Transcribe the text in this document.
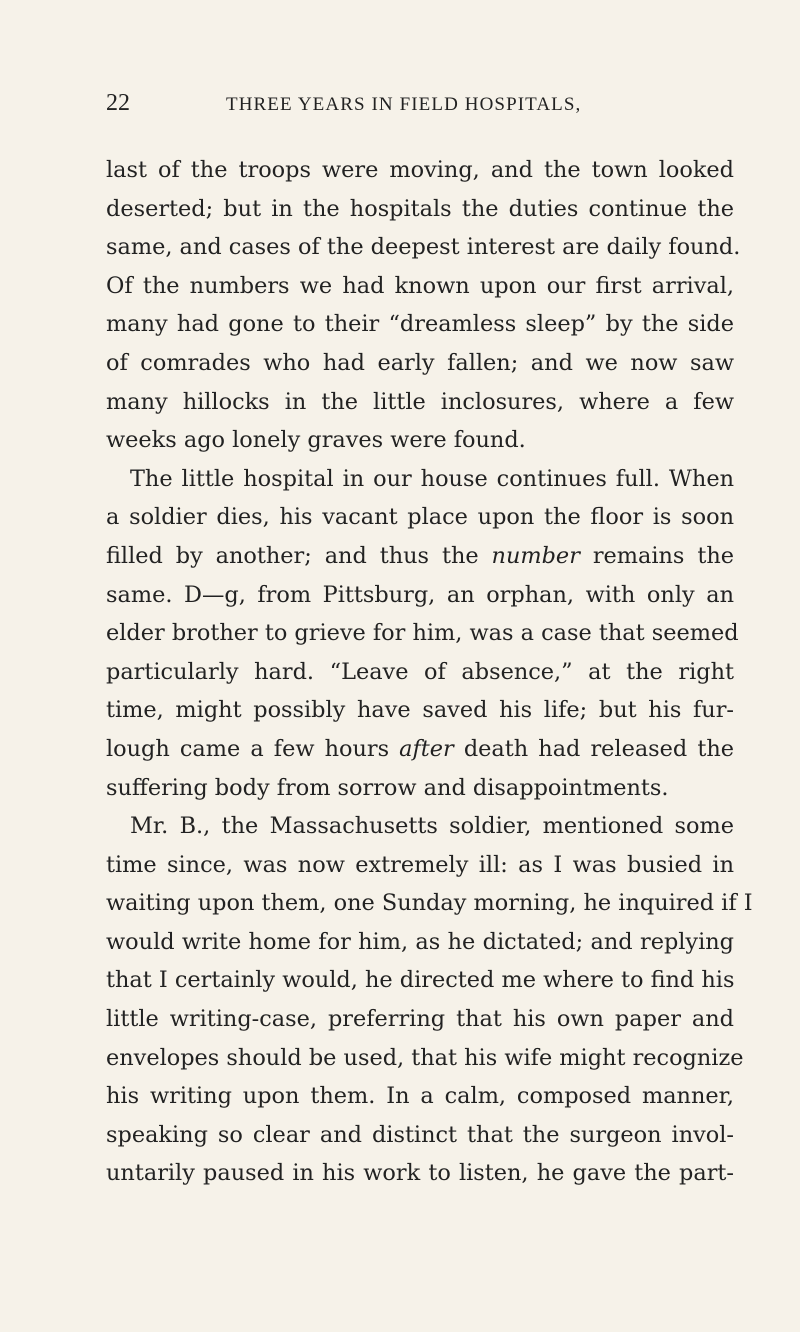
22	THREE YEARS IN FIELD HOSPITALS,
last of the troops were moving, and the town looked
deserted; but in the hospitals the duties continue the
same, and cases of the deepest interest are daily found.
Of the numbers we had known upon our first arrival,
many had gone to their “dreamless sleep” by the side
of comrades who had early fallen; and we now saw
many hillocks in the little inclosures, where a few
weeks ago lonely graves were found.
The little hospital in our house continues full. When
a soldier dies, his vacant place upon the floor is soon
filled by another; and thus the number remains the
same. D—g, from Pittsburg, an orphan, with only an
elder brother to grieve for him, was a case that seemed
particularly hard. “Leave of absence,” at the right
time, might possibly have saved his life; but his fur-
lough came a few hours after death had released the
suffering body from sorrow and disappointments.
Mr. B., the Massachusetts soldier, mentioned some
time since, was now extremely ill: as I was busied in
waiting upon them, one Sunday morning, he inquired if I
would write home for him, as he dictated; and replying
that I certainly would, he directed me where to find his
little writing-case, preferring that his own paper and
envelopes should be used, that his wife might recognize
his writing upon them. In a calm, composed manner,
speaking so clear and distinct that the surgeon invol-
untarily paused in his work to listen, he gave the part-
